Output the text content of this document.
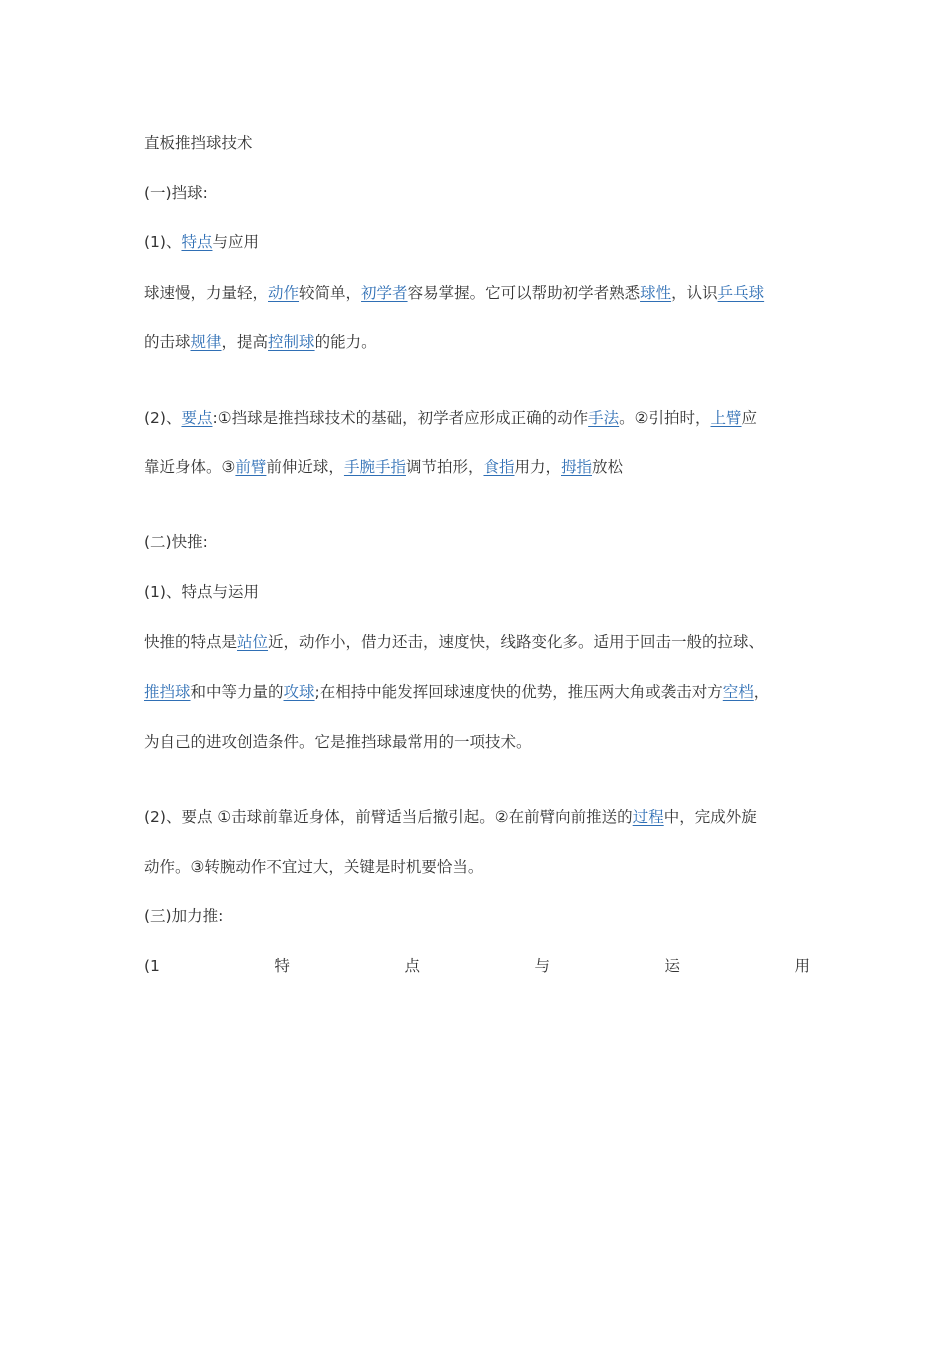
直板推挡球技术
(一)挡球:
(1)、特点与应用
球速慢，力量轻，动作较简单，初学者容易掌握。它可以帮助初学者熟悉球性，认识乒乓球
的击球规律，提高控制球的能力。
(2)、要点:①挡球是推挡球技术的基础，初学者应形成正确的动作手法。②引拍时，上臂应
靠近身体。③前臂前伸近球，手腕手指调节拍形，食指用力，拇指放松
(二)快推:
(1)、特点与运用
快推的特点是站位近，动作小，借力还击，速度快，线路变化多。适用于回击一般的拉球、
推挡球和中等力量的攻球;在相持中能发挥回球速度快的优势，推压两大角或袭击对方空档，
为自己的进攻创造条件。它是推挡球最常用的一项技术。
(2)、要点 ①击球前靠近身体，前臂适当后撤引起。②在前臂向前推送的过程中，完成外旋
动作。③转腕动作不宜过大，关键是时机要恰当。
(三)加力推:
(1	特	点	与	运	用
